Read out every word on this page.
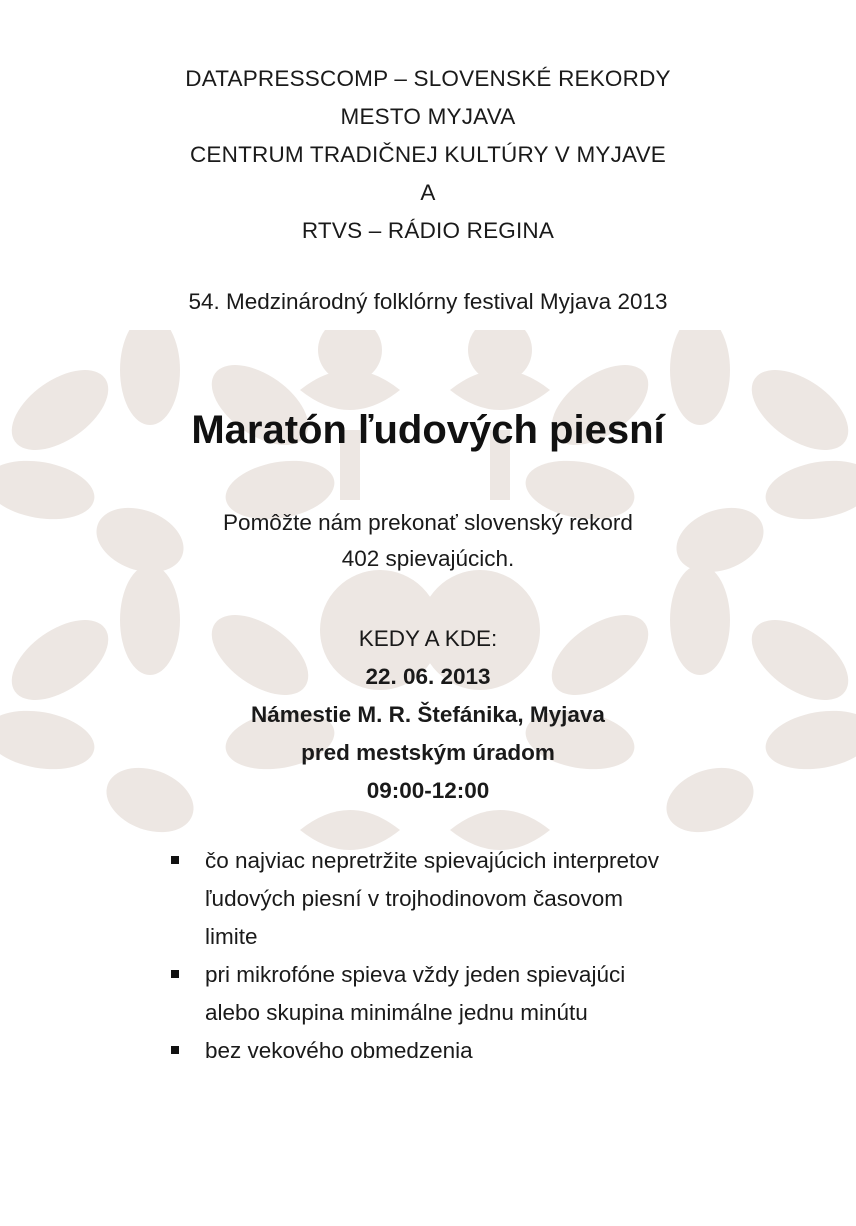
DATAPRESSCOMP – SLOVENSKÉ REKORDY
MESTO MYJAVA
CENTRUM TRADIČNEJ KULTÚRY V MYJAVE
A
RTVS – RÁDIO REGINA
54. Medzinárodný folklórny festival Myjava 2013
Maratón ľudových piesní
Pomôžte nám prekonať slovenský rekord
402 spievajúcich.
KEDY A KDE:
22. 06. 2013
Námestie M. R. Štefánika, Myjava
pred mestským úradom
09:00-12:00
čo najviac nepretržite spievajúcich interpretov
ľudových piesní v trojhodinovom časovom
limite
pri mikrofóne spieva vždy jeden spievajúci
alebo skupina minimálne jednu minútu
bez vekového obmedzenia
